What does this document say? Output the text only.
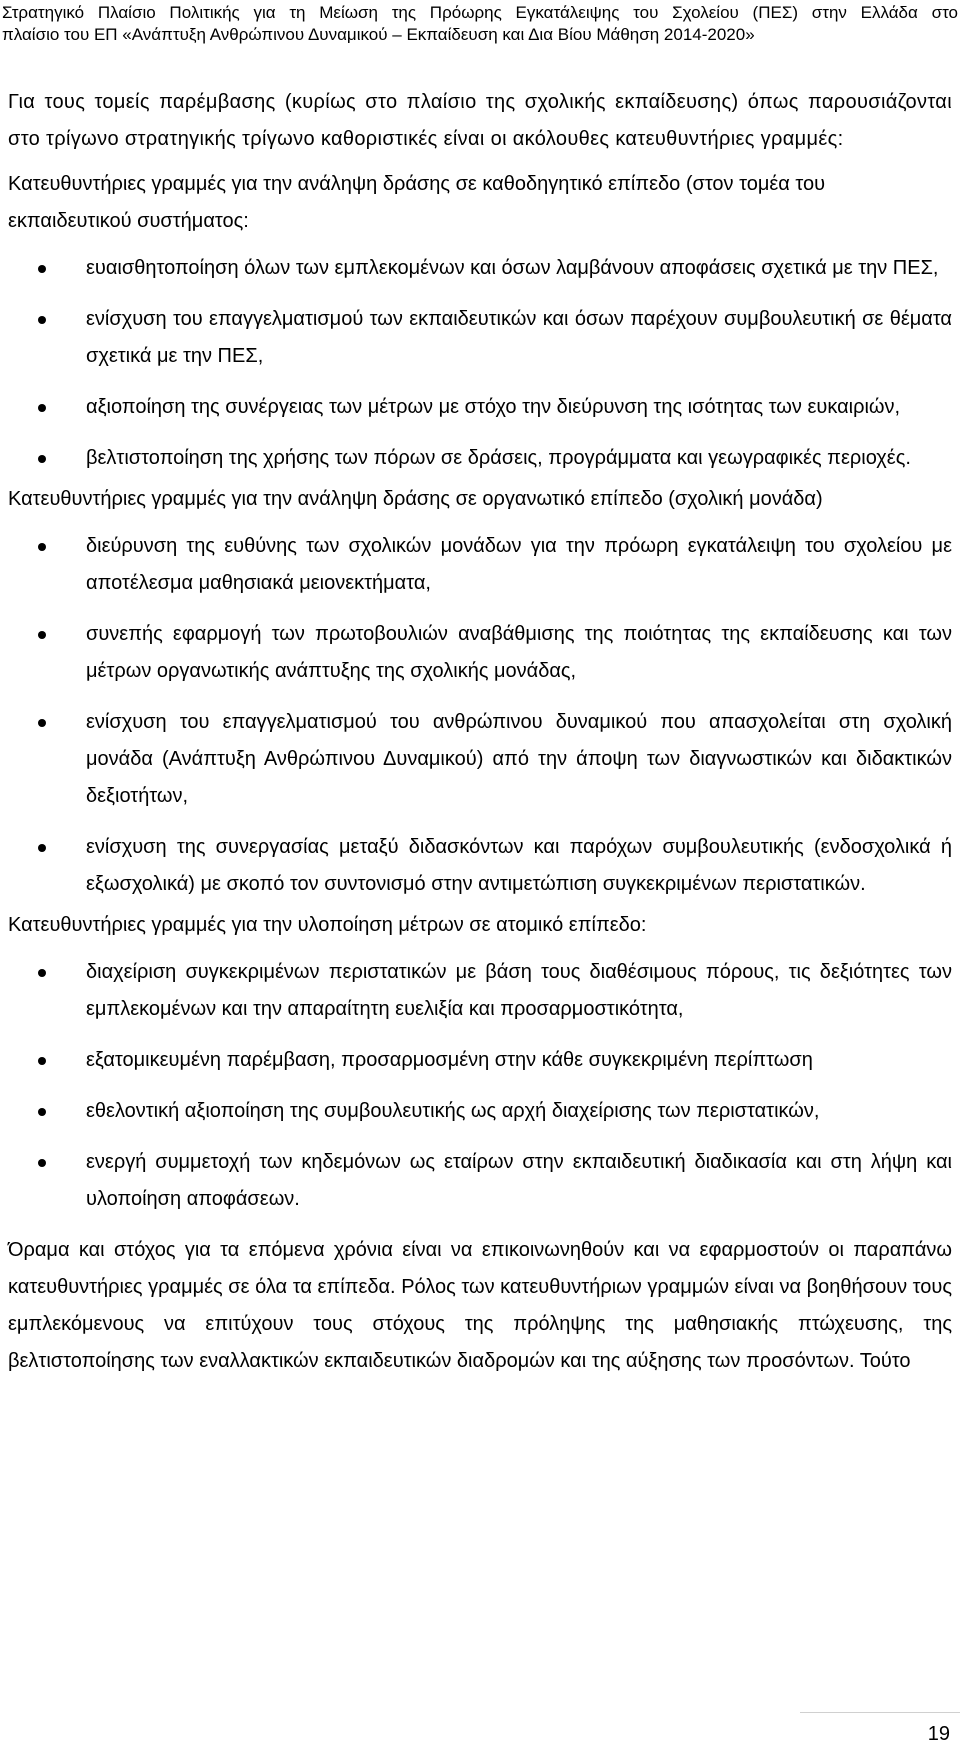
Στρατηγικό Πλαίσιο Πολιτικής για τη Μείωση της Πρόωρης Εγκατάλειψης του Σχολείου (ΠΕΣ) στην Ελλάδα στο
πλαίσιο του ΕΠ «Ανάπτυξη Ανθρώπινου Δυναμικού – Εκπαίδευση και Δια Βίου Μάθηση 2014-2020»

Για τους τομείς παρέμβασης (κυρίως στο πλαίσιο της σχολικής εκπαίδευσης) όπως παρουσιάζονται στο τρίγωνο στρατηγικής τρίγωνο καθοριστικές είναι οι ακόλουθες κατευθυντήριες γραμμές:

Κατευθυντήριες γραμμές για την ανάληψη δράσης σε καθοδηγητικό επίπεδο (στον τομέα του εκπαιδευτικού συστήματος:

ευαισθητοποίηση όλων των εμπλεκομένων και όσων λαμβάνουν αποφάσεις σχετικά με την ΠΕΣ,
ενίσχυση του επαγγελματισμού των εκπαιδευτικών και όσων παρέχουν συμβουλευτική σε θέματα σχετικά με την ΠΕΣ,
αξιοποίηση της συνέργειας των μέτρων με στόχο την διεύρυνση της ισότητας των ευκαιριών,
βελτιστοποίηση της χρήσης των πόρων σε δράσεις, προγράμματα και γεωγραφικές περιοχές.

Κατευθυντήριες γραμμές για την ανάληψη δράσης σε οργανωτικό επίπεδο (σχολική μονάδα)

διεύρυνση της ευθύνης των σχολικών μονάδων για την πρόωρη εγκατάλειψη του σχολείου με αποτέλεσμα μαθησιακά μειονεκτήματα,
συνεπής εφαρμογή των πρωτοβουλιών αναβάθμισης της ποιότητας της εκπαίδευσης και των μέτρων οργανωτικής ανάπτυξης της σχολικής μονάδας,
ενίσχυση του επαγγελματισμού του ανθρώπινου δυναμικού που απασχολείται στη σχολική μονάδα (Ανάπτυξη Ανθρώπινου Δυναμικού) από την άποψη των διαγνωστικών και διδακτικών δεξιοτήτων,
ενίσχυση της συνεργασίας μεταξύ διδασκόντων και παρόχων συμβουλευτικής (ενδοσχολικά ή εξωσχολικά) με σκοπό τον συντονισμό στην αντιμετώπιση συγκεκριμένων περιστατικών.

Κατευθυντήριες γραμμές για την υλοποίηση μέτρων σε ατομικό επίπεδο:

διαχείριση συγκεκριμένων περιστατικών με βάση τους διαθέσιμους πόρους, τις δεξιότητες των εμπλεκομένων και την απαραίτητη ευελιξία και προσαρμοστικότητα,
εξατομικευμένη παρέμβαση, προσαρμοσμένη στην κάθε συγκεκριμένη περίπτωση
εθελοντική αξιοποίηση της συμβουλευτικής ως αρχή διαχείρισης των περιστατικών,
ενεργή συμμετοχή των κηδεμόνων ως εταίρων στην εκπαιδευτική διαδικασία και στη λήψη και υλοποίηση αποφάσεων.

Όραμα και στόχος για τα επόμενα χρόνια είναι να επικοινωνηθούν και να εφαρμοστούν οι παραπάνω κατευθυντήριες γραμμές σε όλα τα επίπεδα. Ρόλος των κατευθυντήριων γραμμών είναι να βοηθήσουν τους εμπλεκόμενους να επιτύχουν τους στόχους της πρόληψης της μαθησιακής πτώχευσης, της βελτιστοποίησης των εναλλακτικών εκπαιδευτικών διαδρομών και της αύξησης των προσόντων. Τούτο

19
